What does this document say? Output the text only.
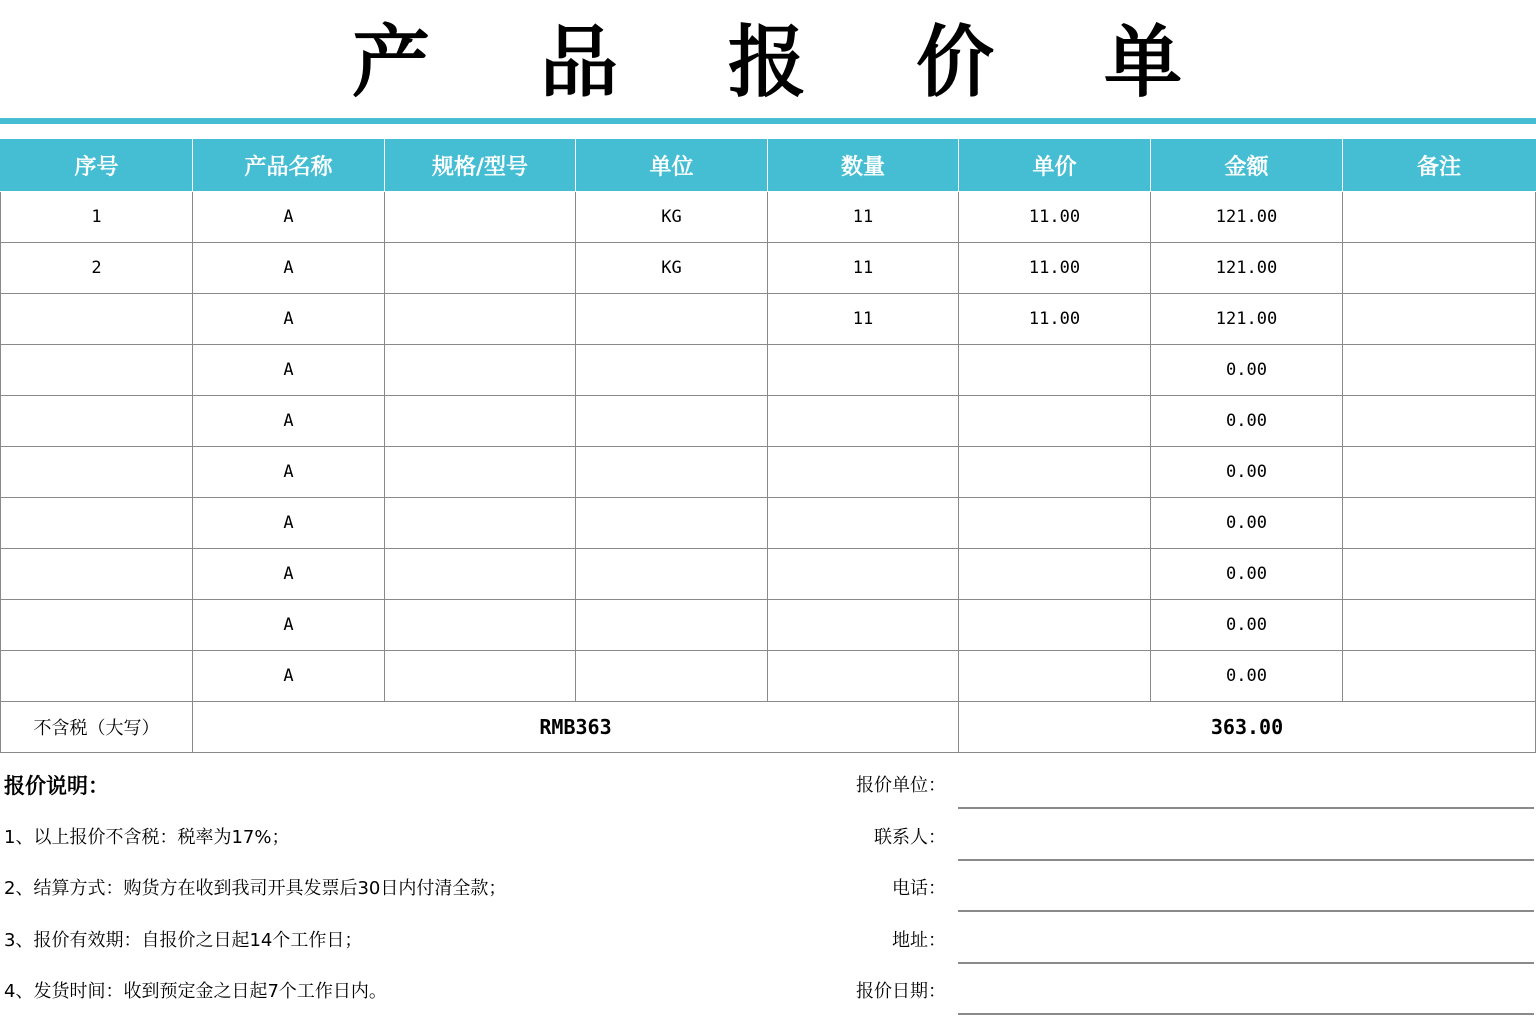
产 品 报 价 单
序号	产品名称	规格/型号	单位	数量	单价	金额	备注
1	A		KG	11	11.00	121.00	
2	A		KG	11	11.00	121.00	
	A			11	11.00	121.00	
	A					0.00	
	A					0.00	
	A					0.00	
	A					0.00	
	A					0.00	
	A					0.00	
	A					0.00	
不含税（大写）	RMB363				363.00		
报价说明：
1、以上报价不含税：税率为17%；
2、结算方式：购货方在收到我司开具发票后30日内付清全款；
3、报价有效期：自报价之日起14个工作日；
4、发货时间：收到预定金之日起7个工作日内。
报价单位：
联系人：
电话：
地址：
报价日期：
